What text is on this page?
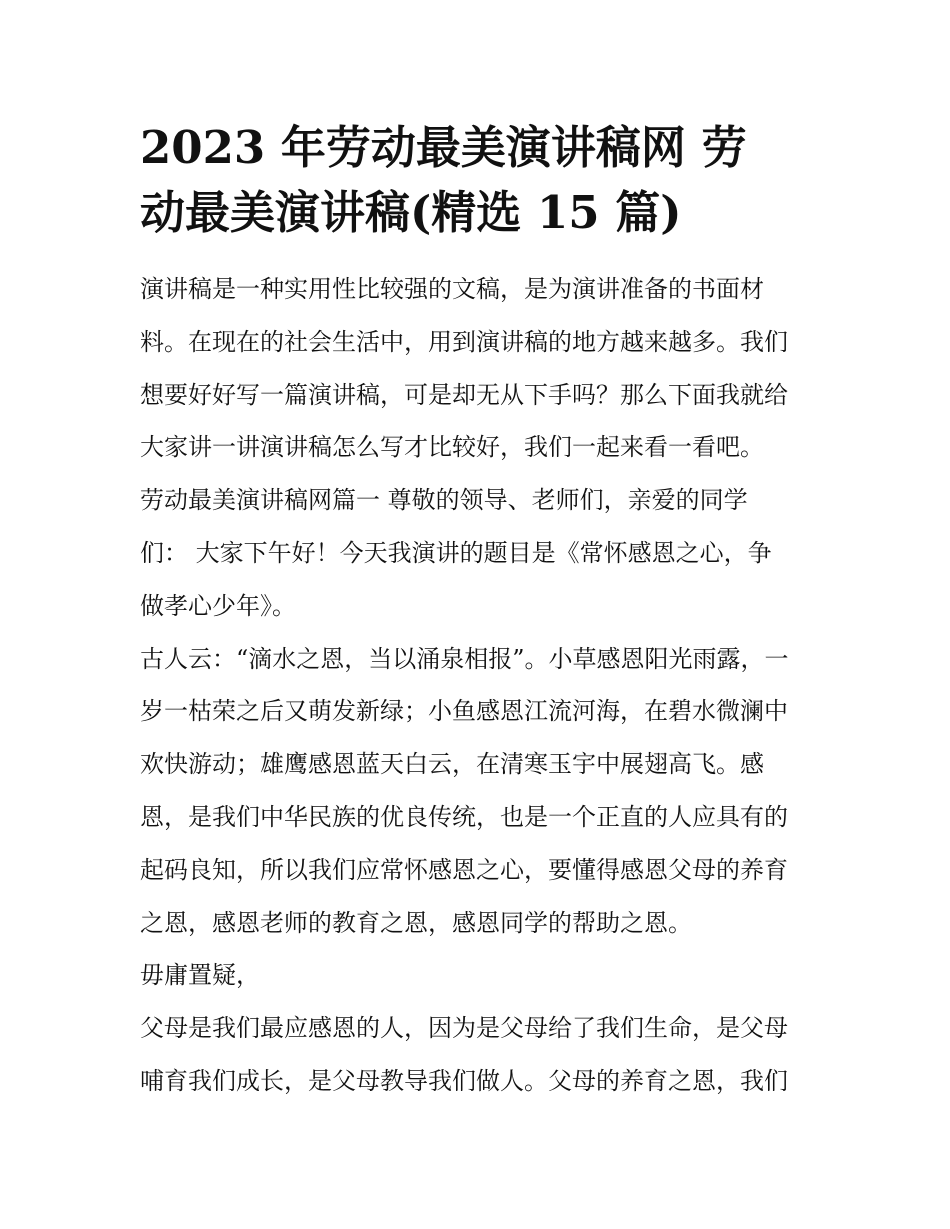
2023 年劳动最美演讲稿网 劳
动最美演讲稿(精选 15 篇)

演讲稿是一种实用性比较强的文稿，是为演讲准备的书面材
料。在现在的社会生活中，用到演讲稿的地方越来越多。我们
想要好好写一篇演讲稿，可是却无从下手吗？那么下面我就给
大家讲一讲演讲稿怎么写才比较好，我们一起来看一看吧。

劳动最美演讲稿网篇一 尊敬的领导、老师们，亲爱的同学
们： 大家下午好！今天我演讲的题目是《常怀感恩之心，争
做孝心少年》。

古人云：“滴水之恩，当以涌泉相报”。小草感恩阳光雨露，一
岁一枯荣之后又萌发新绿；小鱼感恩江流河海，在碧水微澜中
欢快游动；雄鹰感恩蓝天白云，在清寒玉宇中展翅高飞。感
恩，是我们中华民族的优良传统，也是一个正直的人应具有的
起码良知，所以我们应常怀感恩之心，要懂得感恩父母的养育
之恩，感恩老师的教育之恩，感恩同学的帮助之恩。

毋庸置疑，

父母是我们最应感恩的人，因为是父母给了我们生命，是父母
哺育我们成长，是父母教导我们做人。父母的养育之恩，我们
